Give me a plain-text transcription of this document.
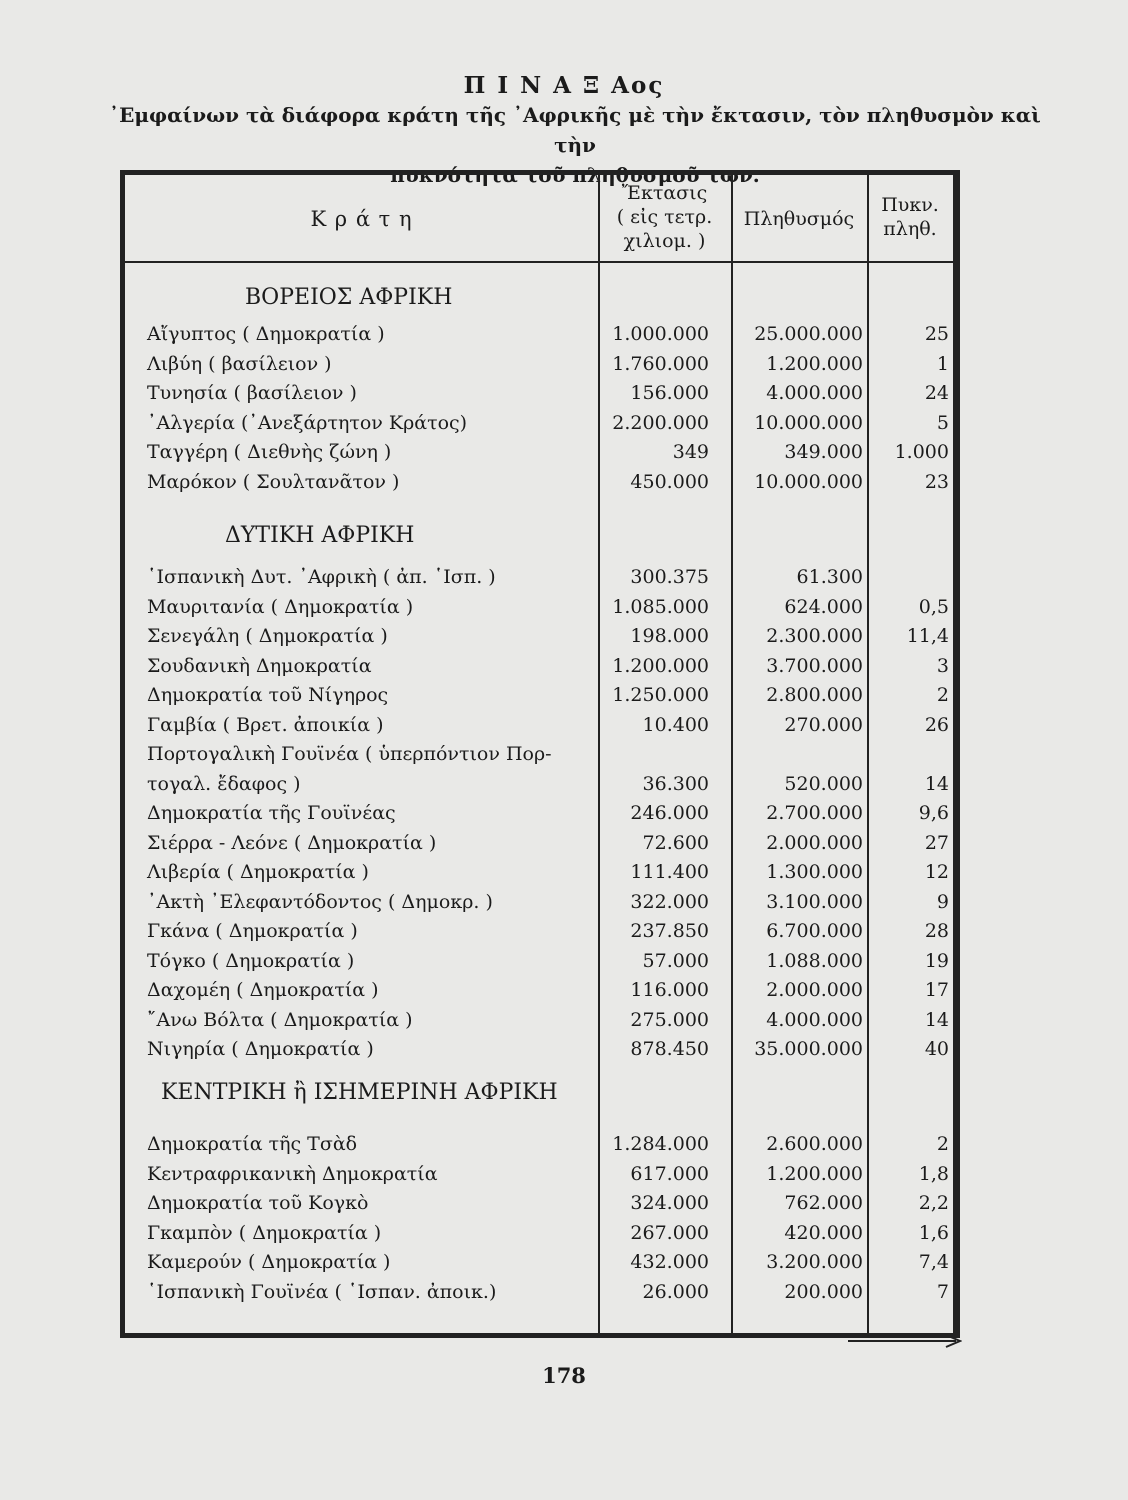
Π Ι Ν Α Ξ Αος
᾿Εμφαίνων τὰ διάφορα κράτη τῆς ᾿Αφρικῆς μὲ τὴν ἔκτασιν, τὸν πληθυσμὸν καὶ τὴν
πυκνότητα τοῦ πληθυσμοῦ των.
Κ ρ ά τ η
Ἔκτασις
( εἰς τετρ.
χιλιομ. )
Πληθυσμός
Πυκν.
πληθ.
ΒΟΡΕΙΟΣ ΑΦΡΙΚΗ
Αἴγυπτος ( Δημοκρατία )	1.000.000	25.000.000	25
Λιβύη ( βασίλειον )	1.760.000	1.200.000	1
Τυνησία ( βασίλειον )	156.000	4.000.000	24
᾿Αλγερία (᾿Ανεξάρτητον Κράτος)	2.200.000	10.000.000	5
Ταγγέρη ( Διεθνὴς ζώνη )	349	349.000	1.000
Μαρόκον ( Σουλτανᾶτον )	450.000	10.000.000	23
ΔΥΤΙΚΗ ΑΦΡΙΚΗ
῾Ισπανικὴ Δυτ. ᾿Αφρικὴ ( ἀπ. ῾Ισπ. )	300.375	61.300
Μαυριτανία ( Δημοκρατία )	1.085.000	624.000	0,5
Σενεγάλη ( Δημοκρατία )	198.000	2.300.000	11,4
Σουδανικὴ Δημοκρατία	1.200.000	3.700.000	3
Δημοκρατία τοῦ Νίγηρος	1.250.000	2.800.000	2
Γαμβία ( Βρετ. ἀποικία )	10.400	270.000	26
Πορτογαλικὴ Γουϊνέα ( ὑπερπόντιον Πορ-
τογαλ. ἔδαφος )	36.300	520.000	14
Δημοκρατία τῆς Γουϊνέας	246.000	2.700.000	9,6
Σιέρρα - Λεόνε ( Δημοκρατία )	72.600	2.000.000	27
Λιβερία ( Δημοκρατία )	111.400	1.300.000	12
᾿Ακτὴ ᾿Ελεφαντόδοντος ( Δημοκρ. )	322.000	3.100.000	9
Γκάνα ( Δημοκρατία )	237.850	6.700.000	28
Τόγκο ( Δημοκρατία )	57.000	1.088.000	19
Δαχομέη ( Δημοκρατία )	116.000	2.000.000	17
῎Ανω Βόλτα ( Δημοκρατία )	275.000	4.000.000	14
Νιγηρία ( Δημοκρατία )	878.450	35.000.000	40
ΚΕΝΤΡΙΚΗ ἢ ΙΣΗΜΕΡΙΝΗ ΑΦΡΙΚΗ
Δημοκρατία τῆς Τσὰδ	1.284.000	2.600.000	2
Κεντραφρικανικὴ Δημοκρατία	617.000	1.200.000	1,8
Δημοκρατία τοῦ Κογκὸ	324.000	762.000	2,2
Γκαμπὸν ( Δημοκρατία )	267.000	420.000	1,6
Καμερούν ( Δημοκρατία )	432.000	3.200.000	7,4
῾Ισπανικὴ Γουϊνέα ( ῾Ισπαν. ἀποικ.)	26.000	200.000	7
178
